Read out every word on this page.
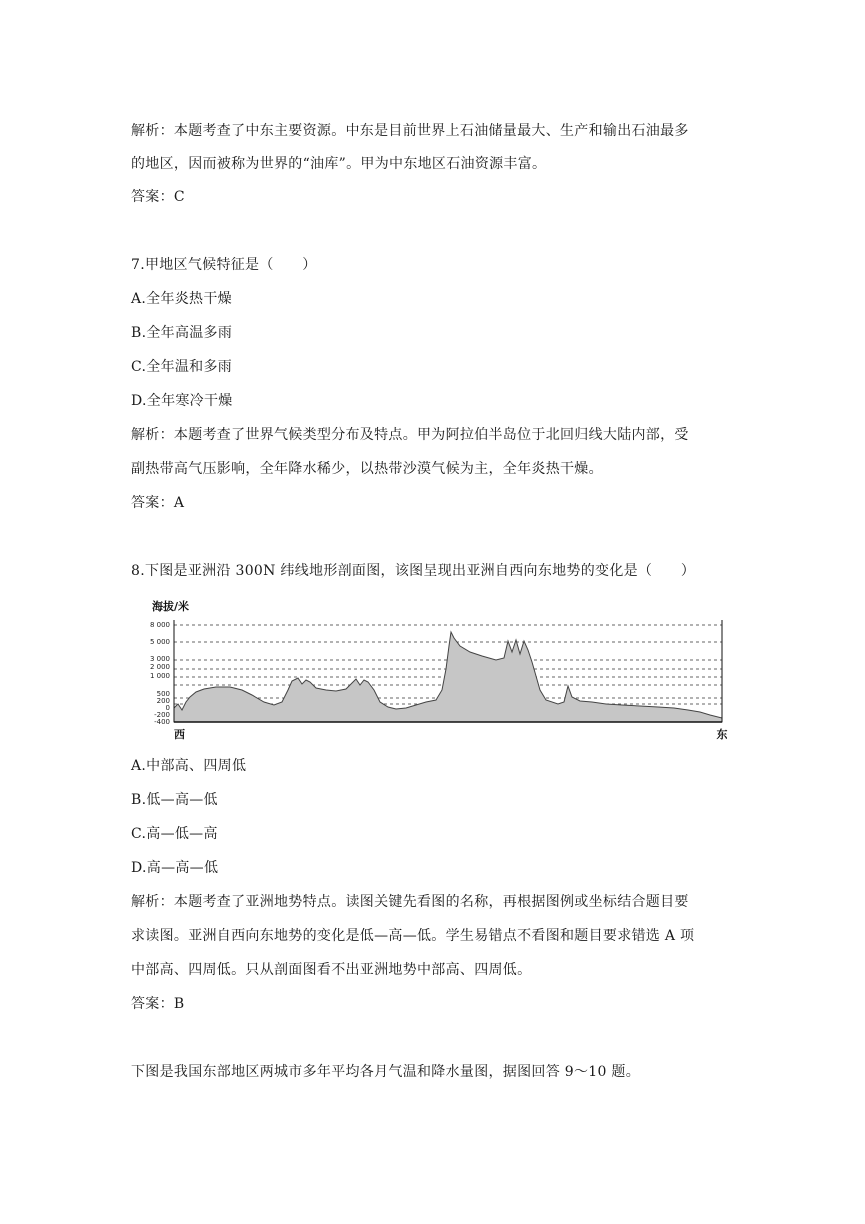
解析：本题考查了中东主要资源。中东是目前世界上石油储量最大、生产和输出石油最多
的地区，因而被称为世界的“油库”。甲为中东地区石油资源丰富。
答案：C
7.甲地区气候特征是（　　）
A.全年炎热干燥
B.全年高温多雨
C.全年温和多雨
D.全年寒冷干燥
解析：本题考查了世界气候类型分布及特点。甲为阿拉伯半岛位于北回归线大陆内部，受
副热带高气压影响，全年降水稀少，以热带沙漠气候为主，全年炎热干燥。
答案：A
8.下图是亚洲沿 300N 纬线地形剖面图，该图呈现出亚洲自西向东地势的变化是（　　）
海拔/米
8 000
5 000
3 000
2 000
1 000
500
200
0
-200
-400
西	东
A.中部高、四周低
B.低—高—低
C.高—低—高
D.高—高—低
解析：本题考查了亚洲地势特点。读图关键先看图的名称，再根据图例或坐标结合题目要
求读图。亚洲自西向东地势的变化是低—高—低。学生易错点不看图和题目要求错选 A 项
中部高、四周低。只从剖面图看不出亚洲地势中部高、四周低。
答案：B
下图是我国东部地区两城市多年平均各月气温和降水量图，据图回答 9～10 题。
